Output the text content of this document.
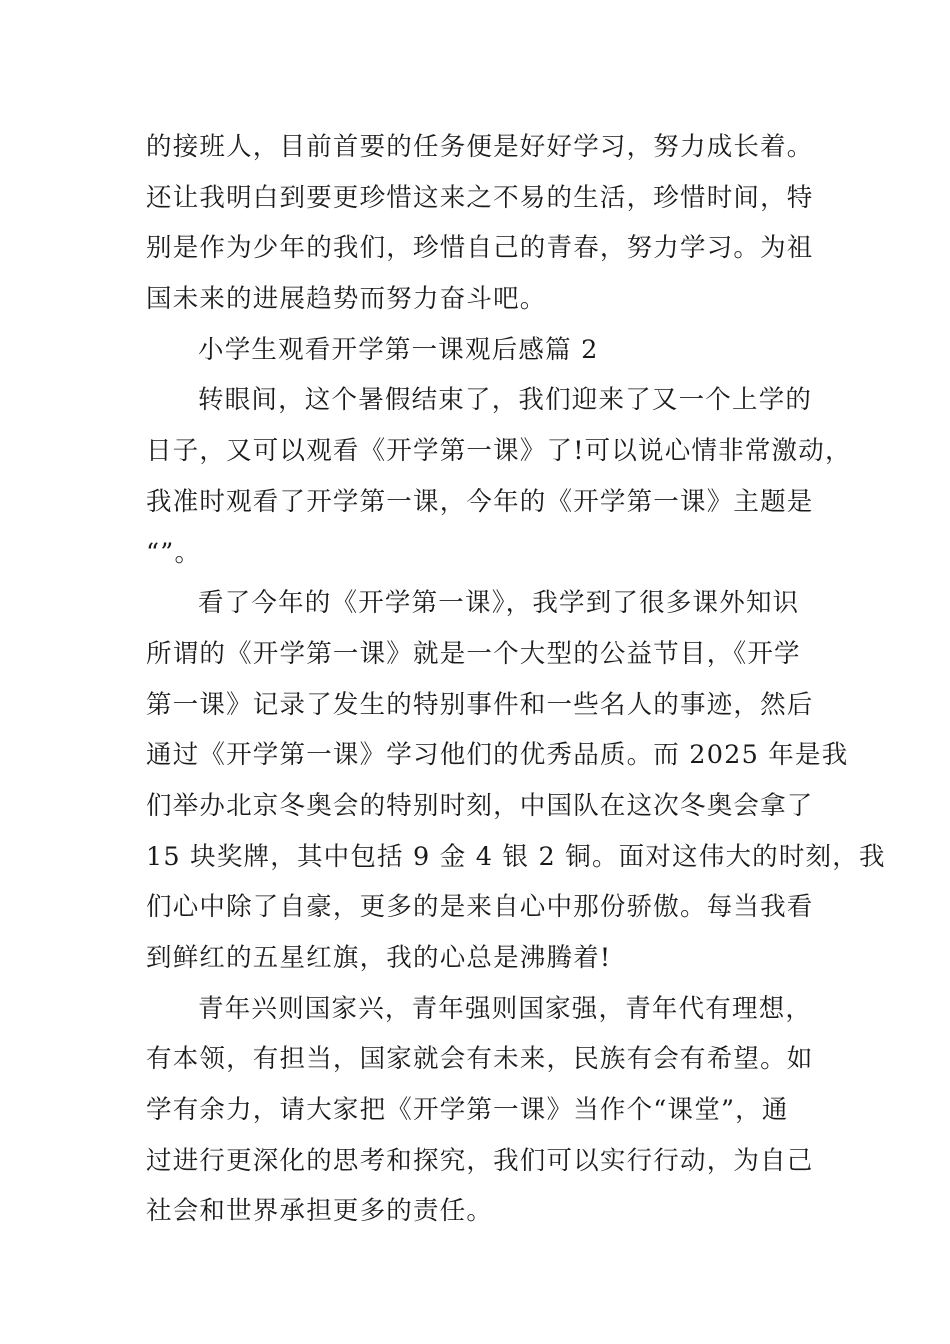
的接班人，目前首要的任务便是好好学习，努力成长着。
还让我明白到要更珍惜这来之不易的生活，珍惜时间，特
别是作为少年的我们，珍惜自己的青春，努力学习。为祖
国未来的进展趋势而努力奋斗吧。
小学生观看开学第一课观后感篇 2
转眼间，这个暑假结束了，我们迎来了又一个上学的
日子，又可以观看《开学第一课》了!可以说心情非常激动，
我准时观看了开学第一课，今年的《开学第一课》主题是
“”。
看了今年的《开学第一课》，我学到了很多课外知识
所谓的《开学第一课》就是一个大型的公益节目，《开学
第一课》记录了发生的特别事件和一些名人的事迹，然后
通过《开学第一课》学习他们的优秀品质。而 2025 年是我
们举办北京冬奥会的特别时刻，中国队在这次冬奥会拿了
15 块奖牌，其中包括 9 金 4 银 2 铜。面对这伟大的时刻，我
们心中除了自豪，更多的是来自心中那份骄傲。每当我看
到鲜红的五星红旗，我的心总是沸腾着!
青年兴则国家兴，青年强则国家强，青年代有理想，
有本领，有担当，国家就会有未来，民族有会有希望。如
学有余力，请大家把《开学第一课》当作个“课堂”，通
过进行更深化的思考和探究，我们可以实行行动，为自己
社会和世界承担更多的责任。
